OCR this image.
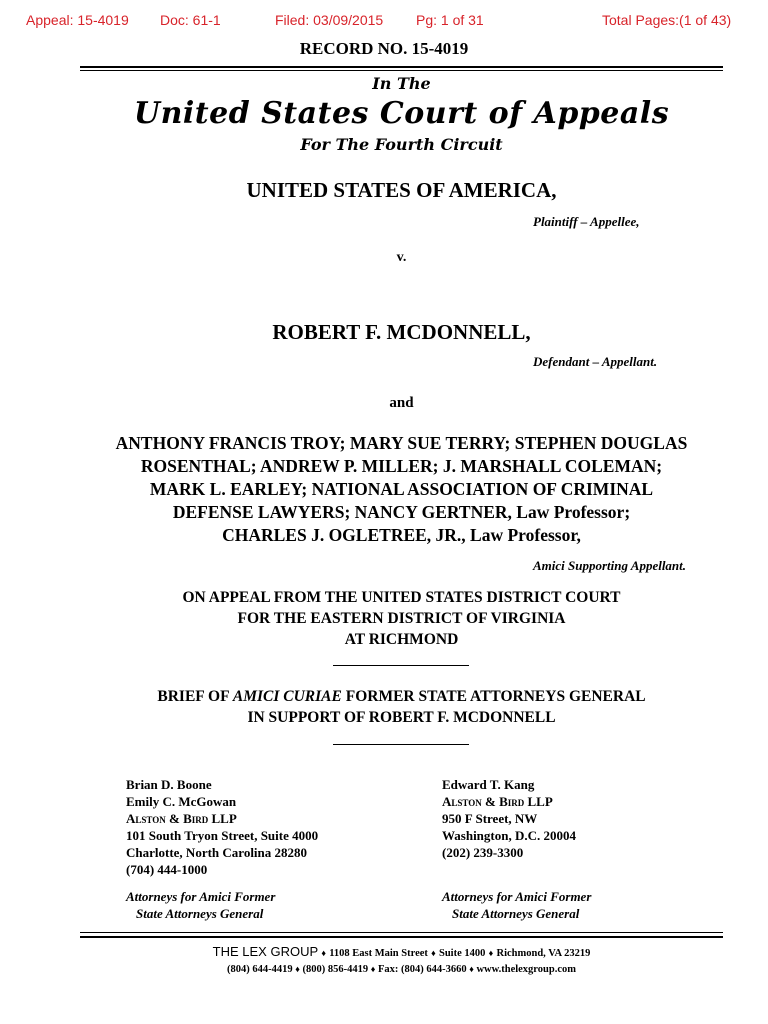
Appeal: 15-4019 Doc: 61-1	Filed: 03/09/2015 Pg: 1 of 31	Total Pages:(1 of 43)
RECORD NO. 15-4019
In The
United States Court of Appeals
For The Fourth Circuit
UNITED STATES OF AMERICA,
Plaintiff – Appellee,
v.
ROBERT F. MCDONNELL,
Defendant – Appellant.
and
ANTHONY FRANCIS TROY; MARY SUE TERRY; STEPHEN DOUGLAS
ROSENTHAL; ANDREW P. MILLER; J. MARSHALL COLEMAN;
MARK L. EARLEY; NATIONAL ASSOCIATION OF CRIMINAL
DEFENSE LAWYERS; NANCY GERTNER, Law Professor;
CHARLES J. OGLETREE, JR., Law Professor,
Amici Supporting Appellant.
ON APPEAL FROM THE UNITED STATES DISTRICT COURT
FOR THE EASTERN DISTRICT OF VIRGINIA
AT RICHMOND
BRIEF OF AMICI CURIAE FORMER STATE ATTORNEYS GENERAL
IN SUPPORT OF ROBERT F. MCDONNELL
Brian D. Boone
Emily C. McGowan
Alston & Bird LLP
101 South Tryon Street, Suite 4000
Charlotte, North Carolina 28280
(704) 444-1000
Attorneys for Amici Former
State Attorneys General
Edward T. Kang
Alston & Bird LLP
950 F Street, NW
Washington, D.C. 20004
(202) 239-3300
Attorneys for Amici Former
State Attorneys General
THE LEX GROUP ♦ 1108 East Main Street ♦ Suite 1400 ♦ Richmond, VA 23219
(804) 644-4419 ♦ (800) 856-4419 ♦ Fax: (804) 644-3660 ♦ www.thelexgroup.com
